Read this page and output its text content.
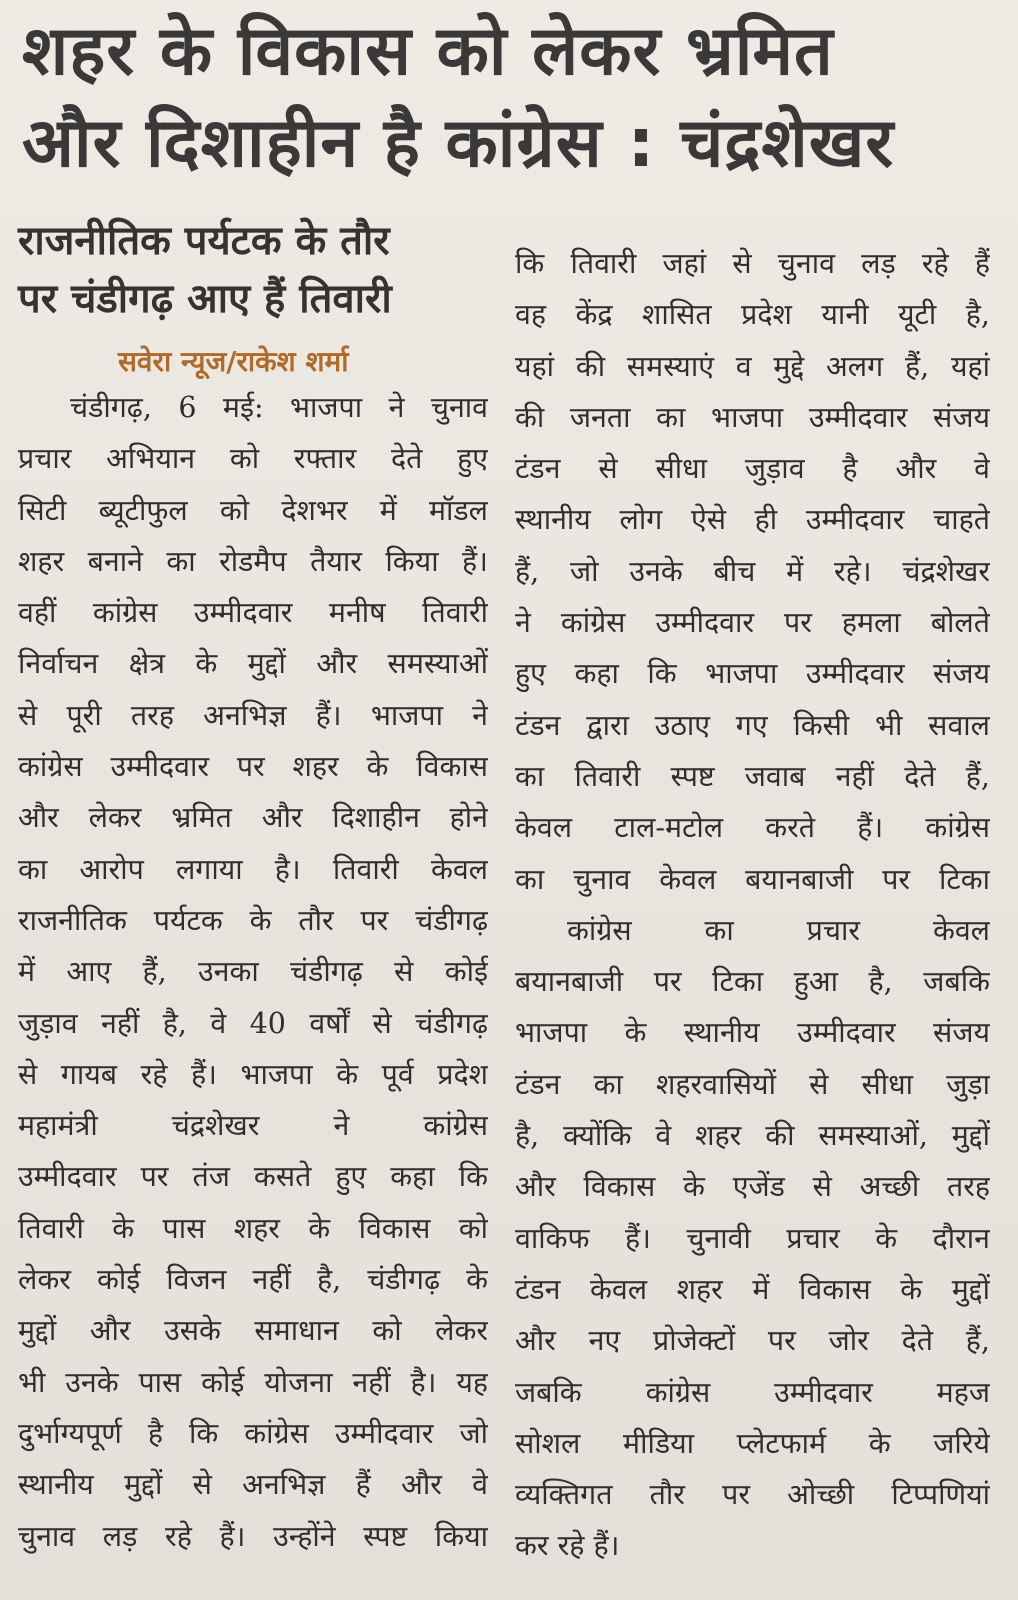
शहर के विकास को लेकर भ्रमित
और दिशाहीन है कांग्रेस : चंद्रशेखर
राजनीतिक पर्यटक के तौर
पर चंडीगढ़ आए हैं तिवारी
सवेरा न्यूज/राकेश शर्मा
चंडीगढ़, 6 मई: भाजपा ने चुनाव
प्रचार अभियान को रफ्तार देते हुए
सिटी ब्यूटीफुल को देशभर में मॉडल
शहर बनाने का रोडमैप तैयार किया हैं।
वहीं कांग्रेस उम्मीदवार मनीष तिवारी
निर्वाचन क्षेत्र के मुद्दों और समस्याओं
से पूरी तरह अनभिज्ञ हैं। भाजपा ने
कांग्रेस उम्मीदवार पर शहर के विकास
और लेकर भ्रमित और दिशाहीन होने
का आरोप लगाया है। तिवारी केवल
राजनीतिक पर्यटक के तौर पर चंडीगढ़
में आए हैं, उनका चंडीगढ़ से कोई
जुड़ाव नहीं है, वे 40 वर्षों से चंडीगढ़
से गायब रहे हैं। भाजपा के पूर्व प्रदेश
महामंत्री चंद्रशेखर ने कांग्रेस
उम्मीदवार पर तंज कसते हुए कहा कि
तिवारी के पास शहर के विकास को
लेकर कोई विजन नहीं है, चंडीगढ़ के
मुद्दों और उसके समाधान को लेकर
भी उनके पास कोई योजना नहीं है। यह
दुर्भाग्यपूर्ण है कि कांग्रेस उम्मीदवार जो
स्थानीय मुद्दों से अनभिज्ञ हैं और वे
चुनाव लड़ रहे हैं। उन्होंने स्पष्ट किया
कि तिवारी जहां से चुनाव लड़ रहे हैं
वह केंद्र शासित प्रदेश यानी यूटी है,
यहां की समस्याएं व मुद्दे अलग हैं, यहां
की जनता का भाजपा उम्मीदवार संजय
टंडन से सीधा जुड़ाव है और वे
स्थानीय लोग ऐसे ही उम्मीदवार चाहते
हैं, जो उनके बीच में रहे। चंद्रशेखर
ने कांग्रेस उम्मीदवार पर हमला बोलते
हुए कहा कि भाजपा उम्मीदवार संजय
टंडन द्वारा उठाए गए किसी भी सवाल
का तिवारी स्पष्ट जवाब नहीं देते हैं,
केवल टाल-मटोल करते हैं। कांग्रेस
का चुनाव केवल बयानबाजी पर टिका
कांग्रेस का प्रचार केवल
बयानबाजी पर टिका हुआ है, जबकि
भाजपा के स्थानीय उम्मीदवार संजय
टंडन का शहरवासियों से सीधा जुड़ा
है, क्योंकि वे शहर की समस्याओं, मुद्दों
और विकास के एजेंड से अच्छी तरह
वाकिफ हैं। चुनावी प्रचार के दौरान
टंडन केवल शहर में विकास के मुद्दों
और नए प्रोजेक्टों पर जोर देते हैं,
जबकि कांग्रेस उम्मीदवार महज
सोशल मीडिया प्लेटफार्म के जरिये
व्यक्तिगत तौर पर ओच्छी टिप्पणियां
कर रहे हैं।
